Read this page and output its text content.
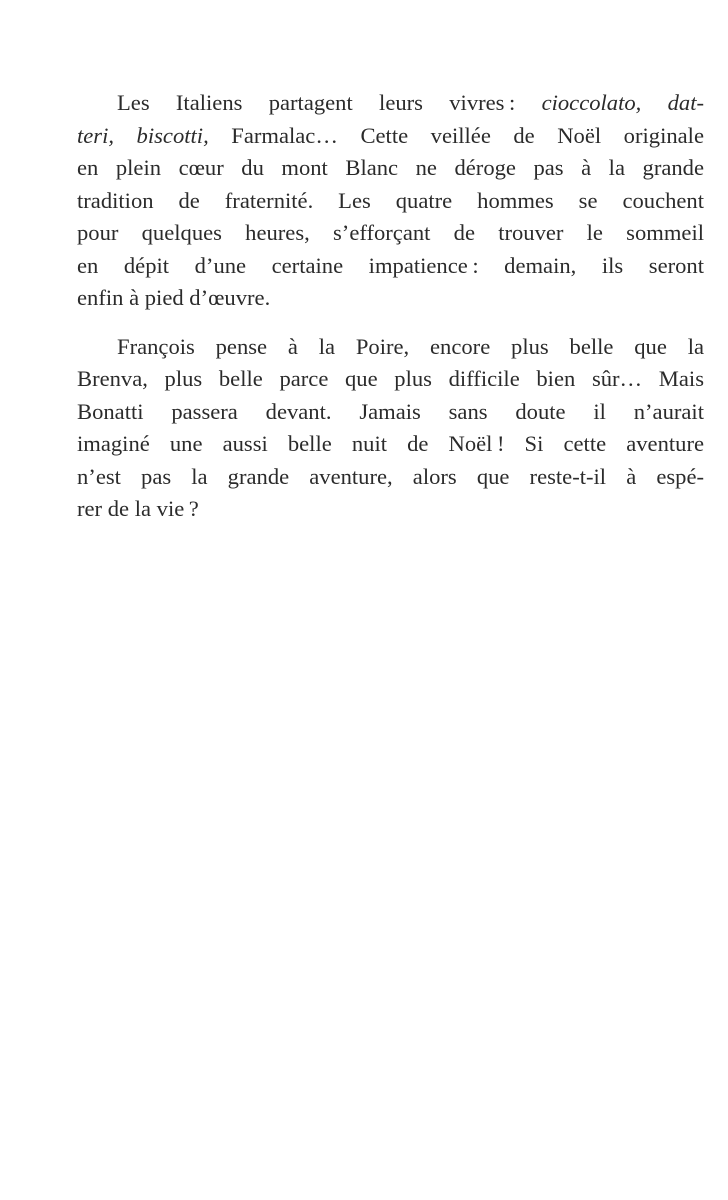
Les Italiens partagent leurs vivres : cioccolato, dat-
teri, biscotti, Farmalac… Cette veillée de Noël originale
en plein cœur du mont Blanc ne déroge pas à la grande
tradition de fraternité. Les quatre hommes se couchent
pour quelques heures, s’efforçant de trouver le sommeil
en dépit d’une certaine impatience : demain, ils seront
enfin à pied d’œuvre.
François pense à la Poire, encore plus belle que la
Brenva, plus belle parce que plus difficile bien sûr… Mais
Bonatti passera devant. Jamais sans doute il n’aurait
imaginé une aussi belle nuit de Noël ! Si cette aventure
n’est pas la grande aventure, alors que reste-t-il à espé-
rer de la vie ?
